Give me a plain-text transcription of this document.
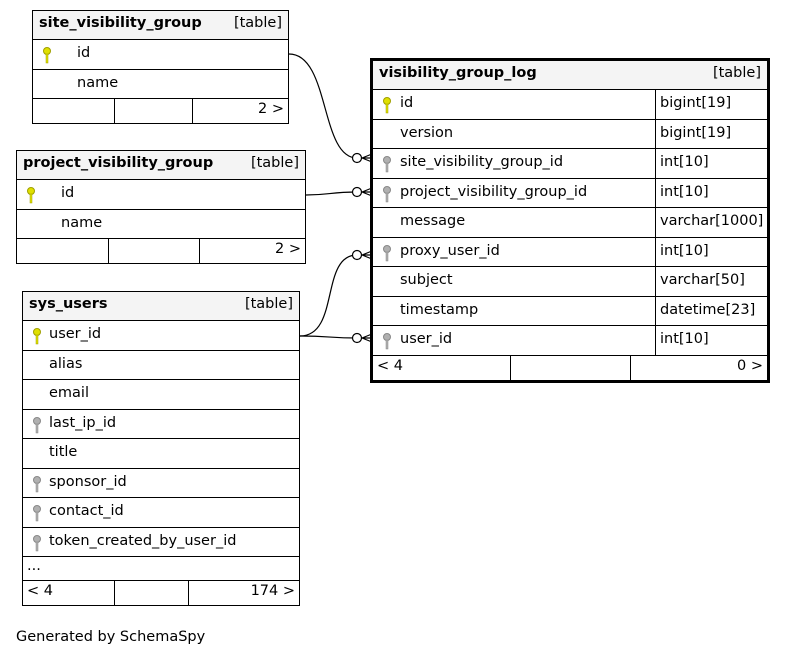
site_visibility_group [table]
id
name
2 >
project_visibility_group	[table]
id
name
2 >
sys_users	[table]
user_id
alias
email
last_ip_id
title
sponsor_id
contact_id
token_created_by_user_id
...
< 4	174 >
visibility_group_log	[table]
id	bigint[19]
version	bigint[19]
site_visibility_group_id	int[10]
project_visibility_group_id	int[10]
message	varchar[1000]
proxy_user_id	int[10]
subject	varchar[50]
timestamp	datetime[23]
user_id	int[10]
< 4	0 >
Generated by SchemaSpy
